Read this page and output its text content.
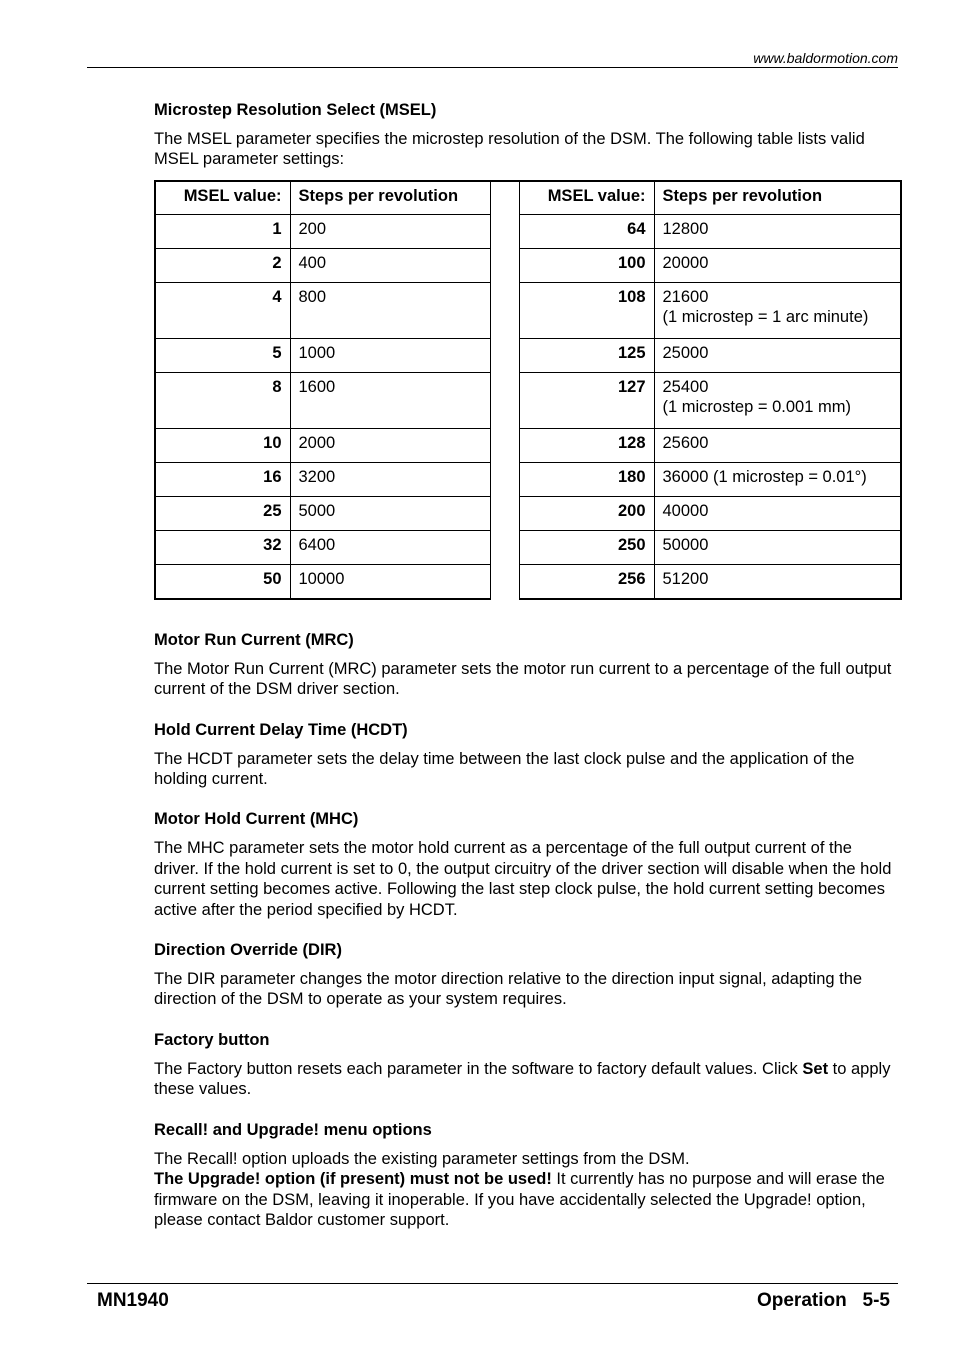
www.baldormotion.com
Microstep Resolution Select (MSEL)

The MSEL parameter specifies the microstep resolution of the DSM. The following table lists valid MSEL parameter settings:

MSEL value:	Steps per revolution		MSEL value:	Steps per revolution

1	200		64	12800

2	400		100	20000

4	800		108	21600
(1 microstep = 1 arc minute)

5	1000		125	25000

8	1600		127	25400
(1 microstep = 0.001 mm)

10	2000		128	25600

16	3200		180	36000 (1 microstep = 0.01°)

25	5000		200	40000

32	6400		250	50000

50	10000		256	51200
Motor Run Current (MRC)

The Motor Run Current (MRC) parameter sets the motor run current to a percentage of the full output current of the DSM driver section.

Hold Current Delay Time (HCDT)

The HCDT parameter sets the delay time between the last clock pulse and the application of the holding current.

Motor Hold Current (MHC)

The MHC parameter sets the motor hold current as a percentage of the full output current of the driver. If the hold current is set to 0, the output circuitry of the driver section will disable when the hold current setting becomes active. Following the last step clock pulse, the hold current setting becomes active after the period specified by HCDT.

Direction Override (DIR)

The DIR parameter changes the motor direction relative to the direction input signal, adapting the direction of the DSM to operate as your system requires.

Factory button

The Factory button resets each parameter in the software to factory default values. Click Set to apply these values.

Recall! and Upgrade! menu options

The Recall! option uploads the existing parameter settings from the DSM.

The Upgrade! option (if present) must not be used! It currently has no purpose and will erase the firmware on the DSM, leaving it inoperable. If you have accidentally selected the Upgrade! option, please contact Baldor customer support.

MN1940	Operation   5-5
